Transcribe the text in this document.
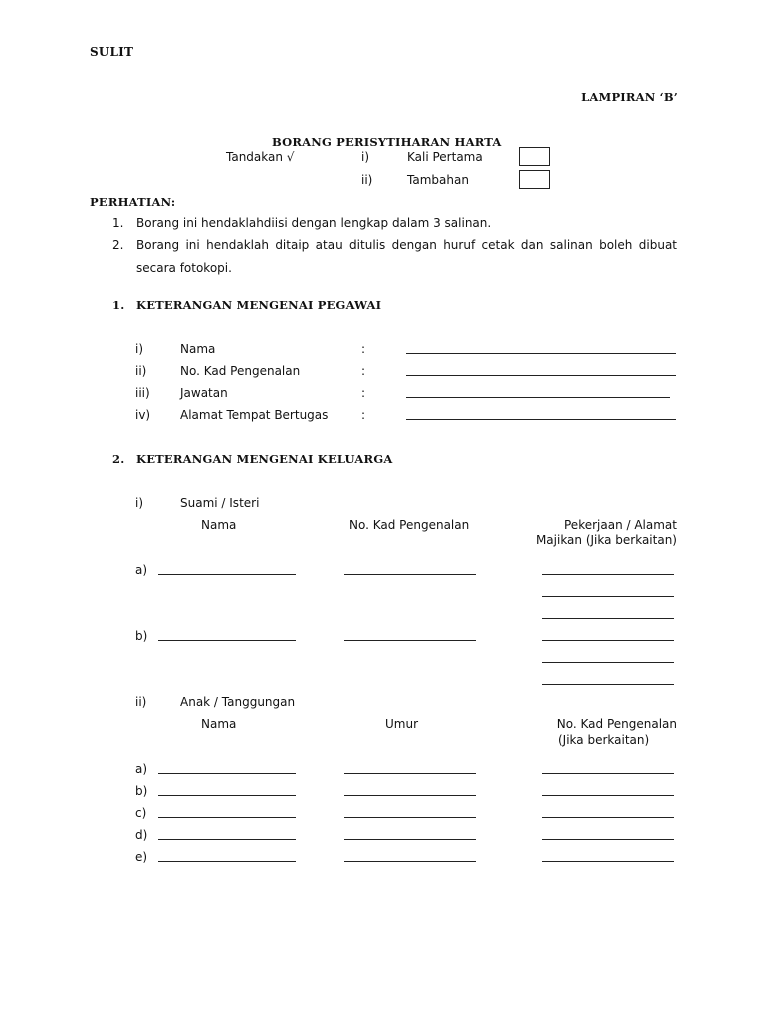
SULIT
LAMPIRAN ‘B’
BORANG PERISYTIHARAN HARTA
Tandakan √	i)	Kali Pertama
ii)	Tambahan
PERHATIAN:
1. Borang ini hendaklahdiisi dengan lengkap dalam 3 salinan.
2. Borang ini hendaklah ditaip atau ditulis dengan huruf cetak dan salinan boleh dibuat
secara fotokopi.
1. KETERANGAN MENGENAI PEGAWAI
i)	Nama	:
ii)	No. Kad Pengenalan	:
iii)	Jawatan	:
iv) Alamat Tempat Bertugas	:
2. KETERANGAN MENGENAI KELUARGA
i)	Suami / Isteri
Nama	No. Kad Pengenalan	Pekerjaan / Alamat
Majikan (Jika berkaitan)
a)
b)
ii)	Anak / Tanggungan
Nama	Umur	No. Kad Pengenalan
(Jika berkaitan)
a)
b)
c)
d)
e)
